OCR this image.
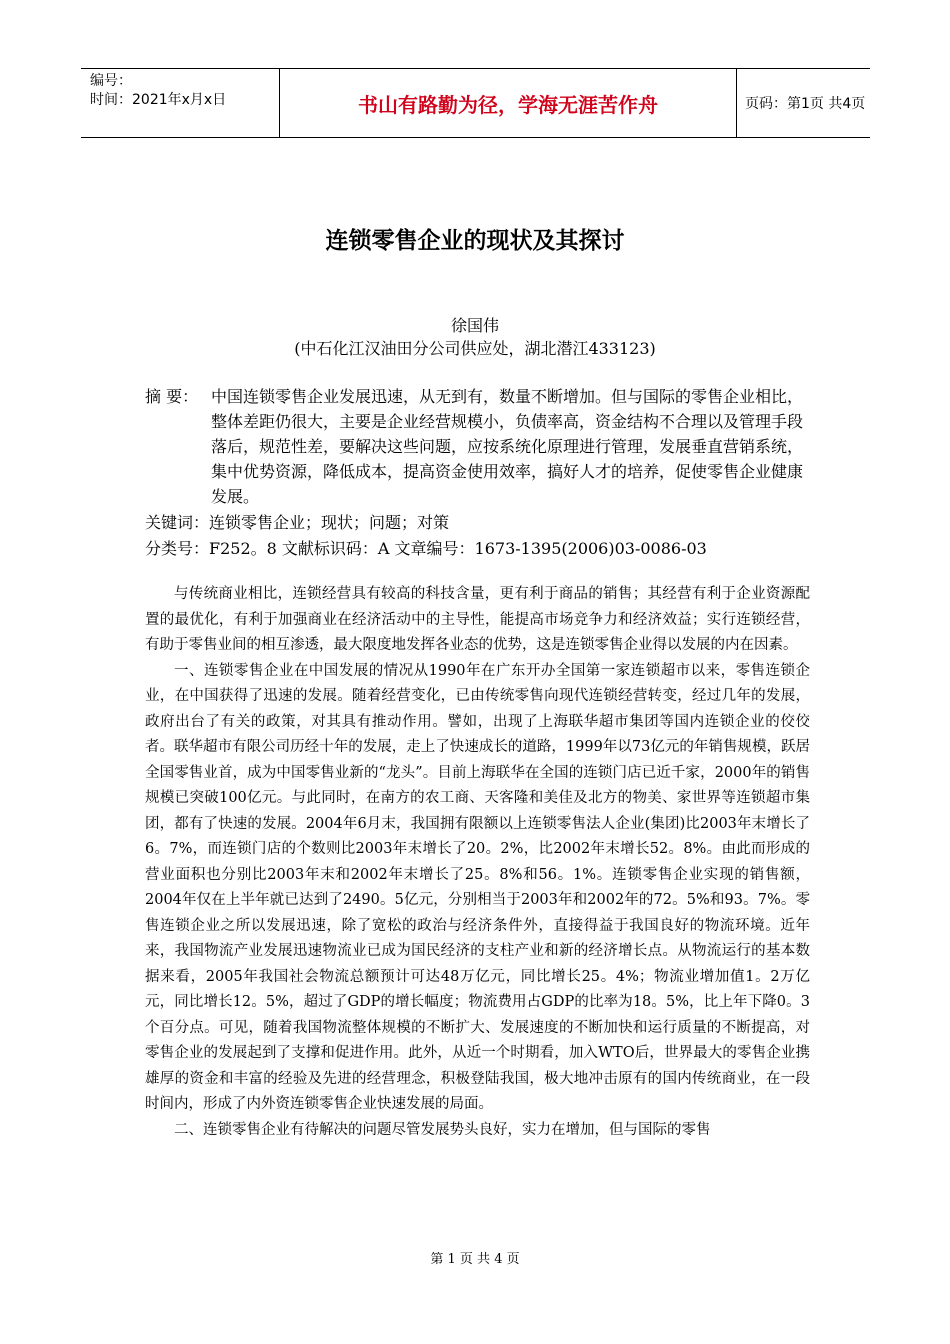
编号：
时间：2021年x月x日	书山有路勤为径，学海无涯苦作舟	页码：第1页 共4页
连锁零售企业的现状及其探讨
徐国伟
(中石化江汉油田分公司供应处，湖北潜江433123)
摘 要： 中国连锁零售企业发展迅速，从无到有，数量不断增加。但与国际的零售企业相比，整体差距仍很大，主要是企业经营规模小，负债率高，资金结构不合理以及管理手段落后，规范性差，要解决这些问题，应按系统化原理进行管理，发展垂直营销系统，集中优势资源，降低成本，提高资金使用效率，搞好人才的培养，促使零售企业健康发展。
关键词：连锁零售企业；现状；问题；对策
分类号：F252。8 文献标识码：A 文章编号：1673-1395(2006)03-0086-03

与传统商业相比，连锁经营具有较高的科技含量，更有利于商品的销售；其经营有利于企业资源配置的最优化，有利于加强商业在经济活动中的主导性，能提高市场竞争力和经济效益；实行连锁经营，有助于零售业间的相互渗透，最大限度地发挥各业态的优势，这是连锁零售企业得以发展的内在因素。

一、连锁零售企业在中国发展的情况从1990年在广东开办全国第一家连锁超市以来，零售连锁企业，在中国获得了迅速的发展。随着经营变化，已由传统零售向现代连锁经营转变，经过几年的发展，政府出台了有关的政策，对其具有推动作用。譬如，出现了上海联华超市集团等国内连锁企业的佼佼者。联华超市有限公司历经十年的发展，走上了快速成长的道路，1999年以73亿元的年销售规模，跃居全国零售业首，成为中国零售业新的“龙头”。目前上海联华在全国的连锁门店已近千家，2000年的销售规模已突破100亿元。与此同时，在南方的农工商、天客隆和美佳及北方的物美、家世界等连锁超市集团，都有了快速的发展。2004年6月末，我国拥有限额以上连锁零售法人企业(集团)比2003年末增长了6。7%，而连锁门店的个数则比2003年末增长了20。2%，比2002年末增长52。8%。由此而形成的营业面积也分别比2003年末和2002年末增长了25。8%和56。1%。连锁零售企业实现的销售额，2004年仅在上半年就已达到了2490。5亿元，分别相当于2003年和2002年的72。5%和93。7%。零售连锁企业之所以发展迅速，除了宽松的政治与经济条件外，直接得益于我国良好的物流环境。近年来，我国物流产业发展迅速物流业已成为国民经济的支柱产业和新的经济增长点。从物流运行的基本数据来看，2005年我国社会物流总额预计可达48万亿元，同比增长25。4%；物流业增加值1。2万亿元，同比增长12。5%，超过了GDP的增长幅度；物流费用占GDP的比率为18。5%，比上年下降0。3个百分点。可见，随着我国物流整体规模的不断扩大、发展速度的不断加快和运行质量的不断提高，对零售企业的发展起到了支撑和促进作用。此外，从近一个时期看，加入WTO后，世界最大的零售企业携雄厚的资金和丰富的经验及先进的经营理念，积极登陆我国，极大地冲击原有的国内传统商业，在一段时间内，形成了内外资连锁零售企业快速发展的局面。

二、连锁零售企业有待解决的问题尽管发展势头良好，实力在增加，但与国际的零售

第 1 页 共 4 页
